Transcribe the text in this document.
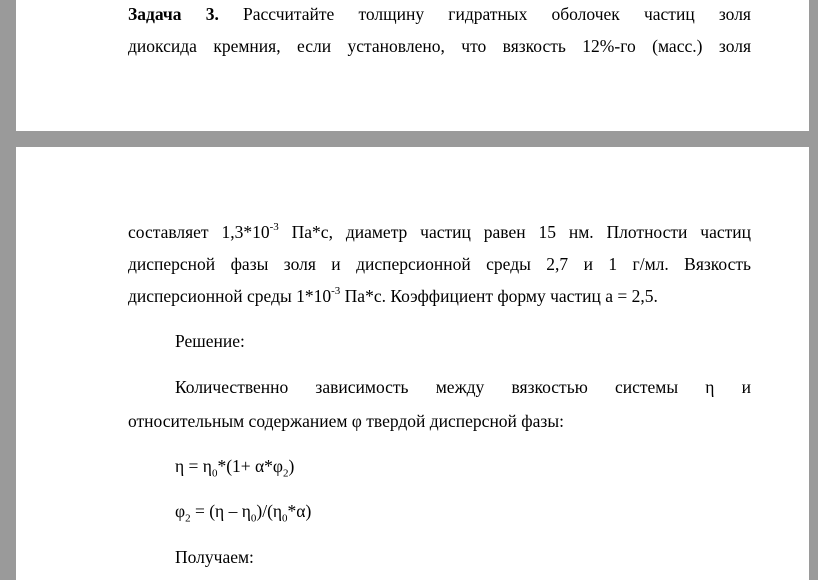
Задача 3. Рассчитайте толщину гидратных оболочек частиц золя
диоксида кремния, если установлено, что вязкость 12%-го (масс.) золя
составляет $1,3*10^{-3}$ Па*с, диаметр частиц равен 15 нм. Плотности частиц
дисперсной фазы золя и дисперсионной среды 2,7 и 1 г/мл. Вязкость
дисперсионной среды $1*10^{-3}$ Па*с. Коэффициент форму частиц а = 2,5.
Решение:
Количественно зависимость между вязкостью системы η и
относительным содержанием φ твердой дисперсной фазы:
$\eta = \eta_0*(1+ \alpha*\varphi_2)$
$\varphi_2 = (\eta - \eta_0)/(\eta_0*\alpha)$
Получаем:
